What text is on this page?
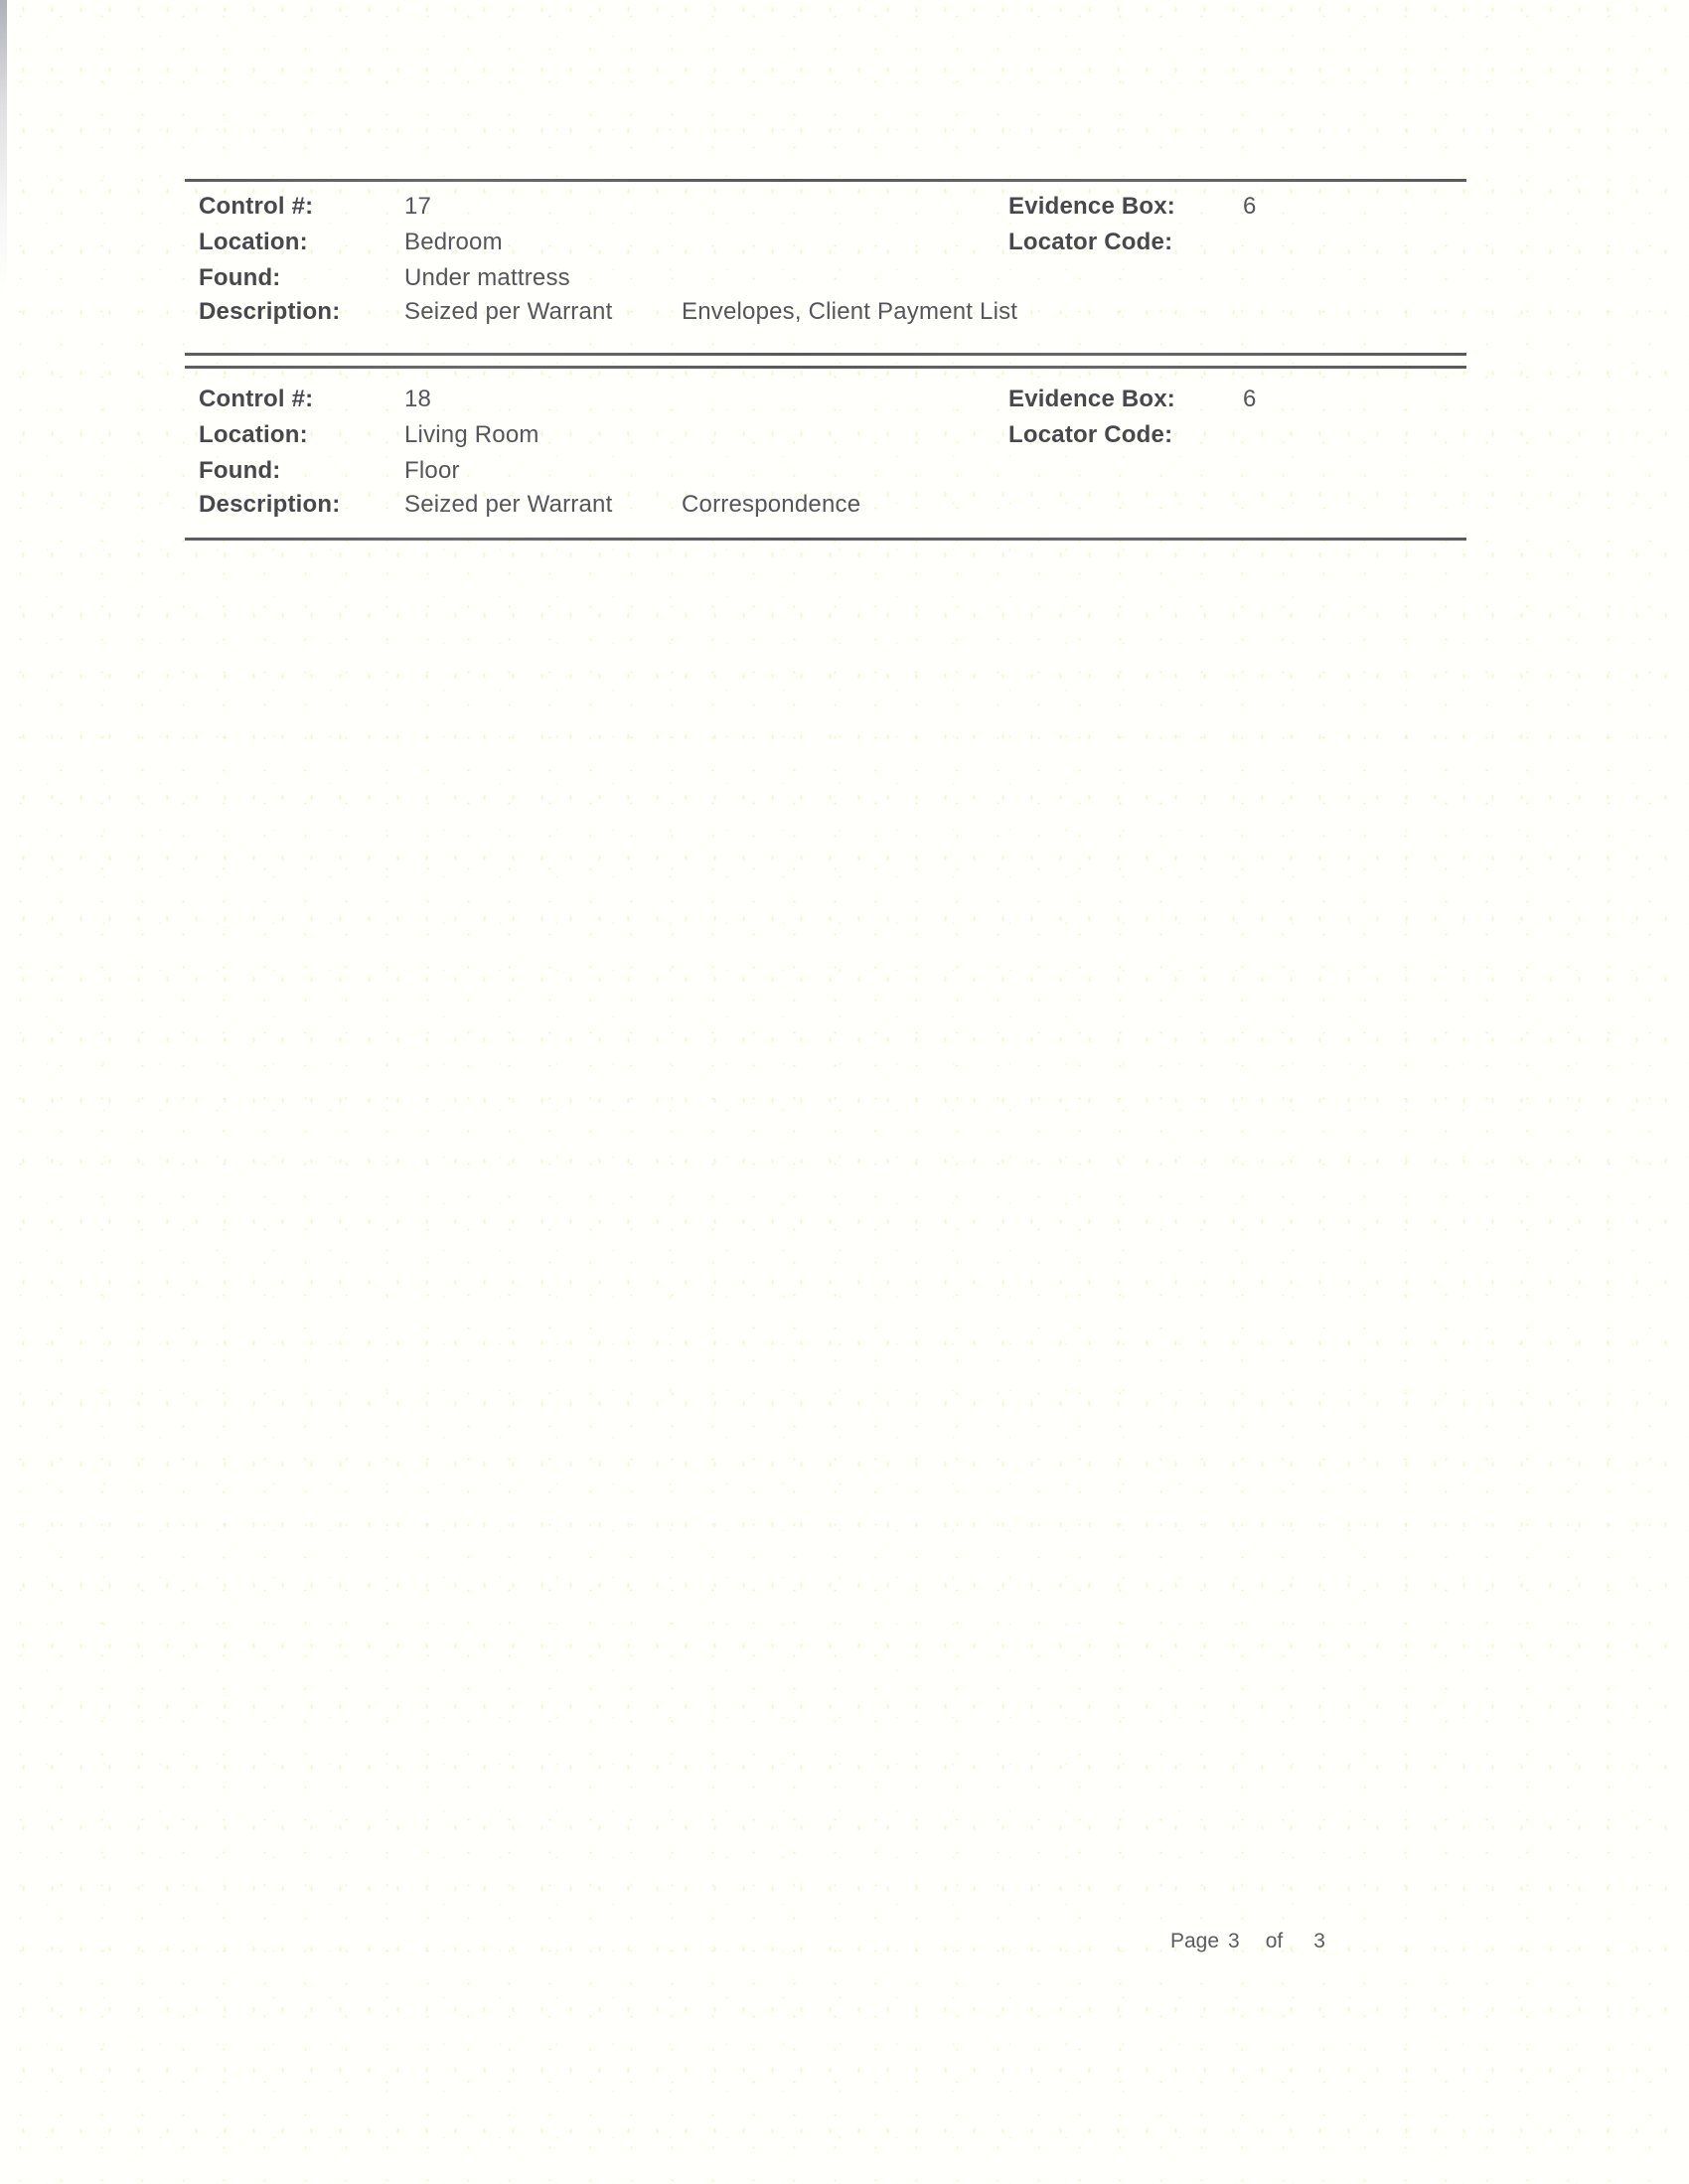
Control #:	17	Evidence Box:	6
Location:	Bedroom	Locator Code:
Found:	Under mattress
Description:	Seized per Warrant	Envelopes, Client Payment List
Control #:	18	Evidence Box:	6
Location:	Living Room	Locator Code:
Found:	Floor
Description:	Seized per Warrant	Correspondence
Page 3 of 3
